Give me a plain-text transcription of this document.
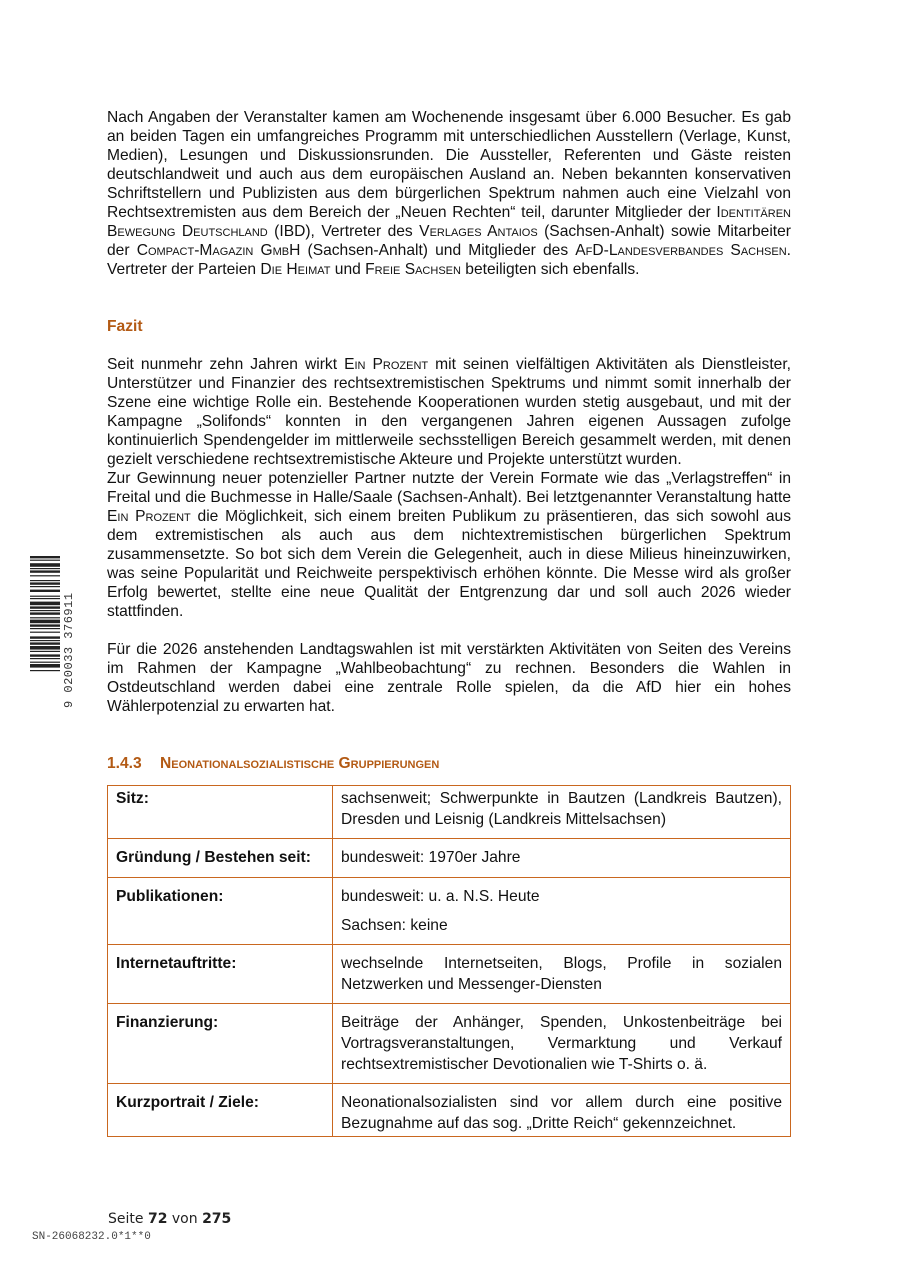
9 020033 376911

Nach Angaben der Veranstalter kamen am Wochenende insgesamt über 6.000 Besucher. Es gab an beiden Tagen ein umfangreiches Programm mit unterschiedlichen Ausstellern (Verlage, Kunst, Medien), Lesungen und Diskussionsrunden. Die Aussteller, Referenten und Gäste reisten deutschlandweit und auch aus dem europäischen Ausland an. Neben bekannten konservativen Schriftstellern und Publizisten aus dem bürgerlichen Spektrum nahmen auch eine Vielzahl von Rechtsextremisten aus dem Bereich der „Neuen Rechten“ teil, darunter Mitglieder der Identitären Bewegung Deutschland (IBD), Vertreter des Verlages Antaios (Sachsen-Anhalt) sowie Mitarbeiter der Compact-Magazin GmbH (Sachsen-Anhalt) und Mitglieder des AfD-Landesverbandes Sachsen. Vertreter der Parteien Die Heimat und Freie Sachsen beteiligten sich ebenfalls.

Fazit

Seit nunmehr zehn Jahren wirkt Ein Prozent mit seinen vielfältigen Aktivitäten als Dienstleister, Unterstützer und Finanzier des rechtsextremistischen Spektrums und nimmt somit innerhalb der Szene eine wichtige Rolle ein. Bestehende Kooperationen wurden stetig ausgebaut, und mit der Kampagne „Solifonds“ konnten in den vergangenen Jahren eigenen Aussagen zufolge kontinuierlich Spendengelder im mittlerweile sechsstelligen Bereich gesammelt werden, mit denen gezielt verschiedene rechtsextremistische Akteure und Projekte unterstützt wurden.

Zur Gewinnung neuer potenzieller Partner nutzte der Verein Formate wie das „Verlagstreffen“ in Freital und die Buchmesse in Halle/Saale (Sachsen-Anhalt). Bei letztgenannter Veranstaltung hatte Ein Prozent die Möglichkeit, sich einem breiten Publikum zu präsentieren, das sich sowohl aus dem extremistischen als auch aus dem nichtextremistischen bürgerlichen Spektrum zusammensetzte. So bot sich dem Verein die Gelegenheit, auch in diese Milieus hineinzuwirken, was seine Popularität und Reichweite perspektivisch erhöhen könnte. Die Messe wird als großer Erfolg bewertet, stellte eine neue Qualität der Entgrenzung dar und soll auch 2026 wieder stattfinden.

Für die 2026 anstehenden Landtagswahlen ist mit verstärkten Aktivitäten von Seiten des Vereins im Rahmen der Kampagne „Wahlbeobachtung“ zu rechnen. Besonders die Wahlen in Ostdeutschland werden dabei eine zentrale Rolle spielen, da die AfD hier ein hohes Wählerpotenzial zu erwarten hat.

1.4.3 Neonationalsozialistische Gruppierungen
Sitz:	sachsenweit; Schwerpunkte in Bautzen (Landkreis Bautzen), Dresden und Leisnig (Landkreis Mittelsachsen)

Gründung / Bestehen seit:	bundesweit: 1970er Jahre

Publikationen:	bundesweit: u. a. N.S. Heute

Sachsen: keine

Internetauftritte:	wechselnde Internetseiten, Blogs, Profile in sozialen Netzwerken und Messenger-Diensten

Finanzierung:	Beiträge der Anhänger, Spenden, Unkostenbeiträge bei Vortragsveranstaltungen, Vermarktung und Verkauf rechtsextremistischer Devotionalien wie T-Shirts o. ä.

Kurzportrait / Ziele:	Neonationalsozialisten sind vor allem durch eine positive Bezugnahme auf das sog. „Dritte Reich“ gekennzeichnet.

Seite 72 von 275
SN-26068232.0*1**0
